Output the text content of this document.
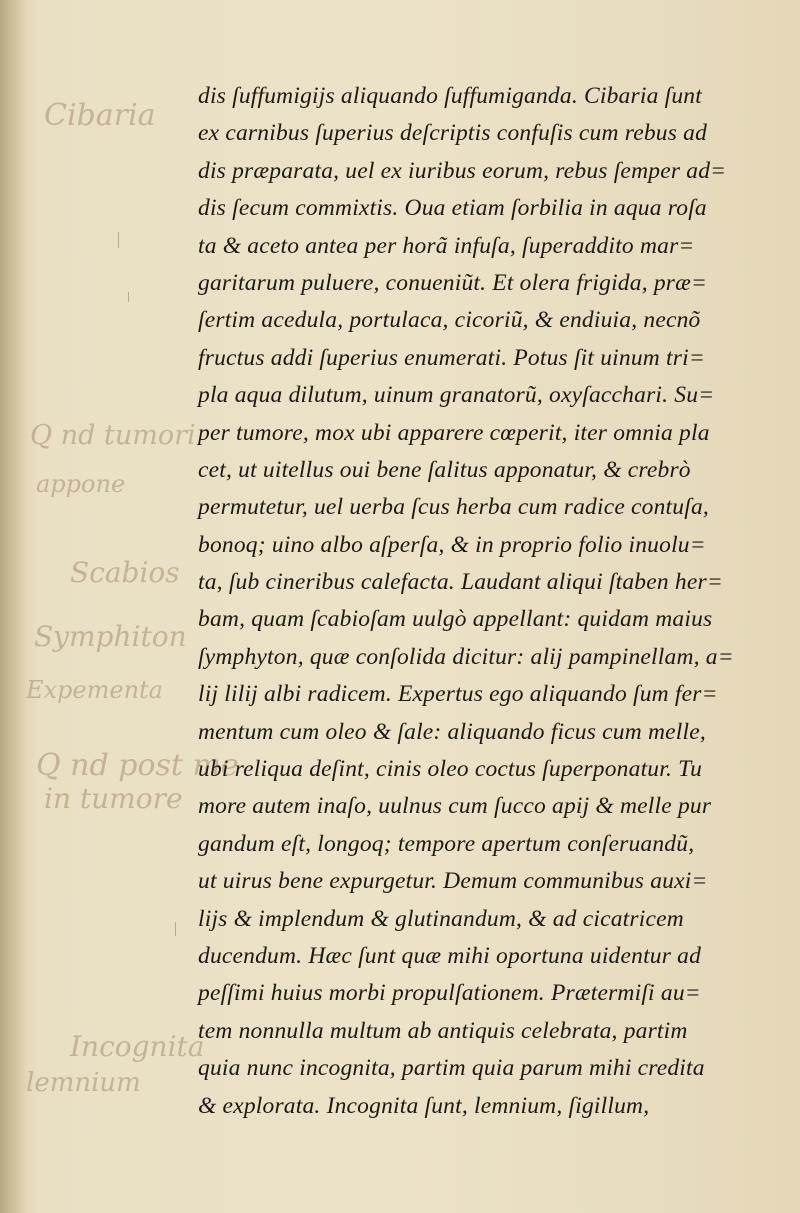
Cibaria
Q nd tumori
appone
Scabios
Symphiton
Expementa
Q nd post me
in tumore
Incognita
lemnium
dis ſuffumigijs aliquando ſuffumiganda. Cibaria ſunt
ex carnibus ſuperius deſcriptis confuſis cum rebus ad
dis præparata, uel ex iuribus eorum, rebus ſemper ad=
dis ſecum commixtis. Oua etiam ſorbilia in aqua roſa
ta & aceto antea per horã infuſa, ſuperaddito mar=
garitarum puluere, conueniũt. Et olera frigida, præ=
ſertim acedula, portulaca, cicoriũ, & endiuia, necnõ
fructus addi ſuperius enumerati. Potus ſit uinum tri=
pla aqua dilutum, uinum granatorũ, oxyſacchari. Su=
per tumore, mox ubi apparere cœperit, iter omnia pla
cet, ut uitellus oui bene ſalitus apponatur, & crebrò
permutetur, uel uerba ſcus herba cum radice contuſa,
bonoq; uino albo aſperſa, & in proprio folio inuolu=
ta, ſub cineribus calefacta. Laudant aliqui ſtaben her=
bam, quam ſcabioſam uulgò appellant: quidam maius
ſymphyton, quæ conſolida dicitur: alij pampinellam, a=
lij lilij albi radicem. Expertus ego aliquando ſum fer=
mentum cum oleo & ſale: aliquando ficus cum melle,
ubi reliqua deſint, cinis oleo coctus ſuperponatur. Tu
more autem inaſo, uulnus cum ſucco apij & melle pur
gandum eſt, longoq; tempore apertum conſeruandũ,
ut uirus bene expurgetur. Demum communibus auxi=
lijs & implendum & glutinandum, & ad cicatricem
ducendum. Hæc ſunt quæ mihi oportuna uidentur ad
peſſimi huius morbi propulſationem. Prætermiſi au=
tem nonnulla multum ab antiquis celebrata, partim
quia nunc incognita, partim quia parum mihi credita
& explorata. Incognita ſunt, lemnium, ſigillum,
